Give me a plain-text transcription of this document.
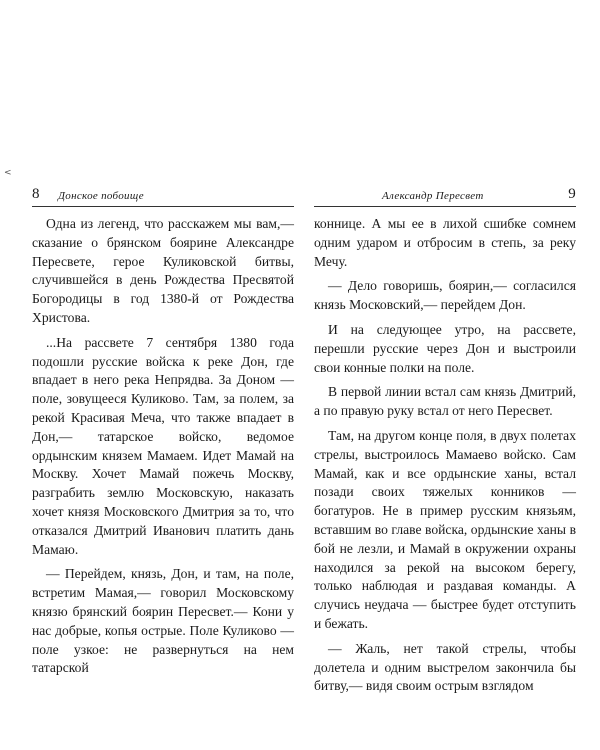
<
8 Донское побоище

Одна из легенд, что расскажем мы вам,— сказание о брянском боярине Александре Пересвете, герое Куликовской битвы, случившейся в день Рождества Пресвятой Богородицы в год 1380-й от Рождества Христова.

...На рассвете 7 сентября 1380 года подошли русские войска к реке Дон, где впадает в него река Непрядва. За Доном — поле, зовущееся Куликово. Там, за полем, за рекой Красивая Меча, что также впадает в Дон,— татарское войско, ведомое ордынским князем Мамаем. Идет Мамай на Москву. Хочет Мамай пожечь Москву, разграбить землю Московскую, наказать хочет князя Московского Дмитрия за то, что отказался Дмитрий Иванович платить дань Мамаю.

— Перейдем, князь, Дон, и там, на поле, встретим Мамая,— говорил Московскому князю брянский боярин Пересвет.— Кони у нас добрые, копья острые. Поле Куликово — поле узкое: не развернуться на нем татарской

Александр Пересвет	9

коннице. А мы ее в лихой сшибке сомнем одним ударом и отбросим в степь, за реку Мечу.

— Дело говоришь, боярин,— согласился князь Московский,— перейдем Дон.

И на следующее утро, на рассвете, перешли русские через Дон и выстроили свои конные полки на поле.

В первой линии встал сам князь Дмитрий, а по правую руку встал от него Пересвет.

Там, на другом конце поля, в двух полетах стрелы, выстроилось Мамаево войско. Сам Мамай, как и все ордынские ханы, встал позади своих тяжелых конников — богатуров. Не в пример русским князьям, вставшим во главе войска, ордынские ханы в бой не лезли, и Мамай в окружении охраны находился за рекой на высоком берегу, только наблюдая и раздавая команды. А случись неудача — быстрее будет отступить и бежать.

— Жаль, нет такой стрелы, чтобы долетела и одним выстрелом закончила бы битву,— видя своим острым взглядом
